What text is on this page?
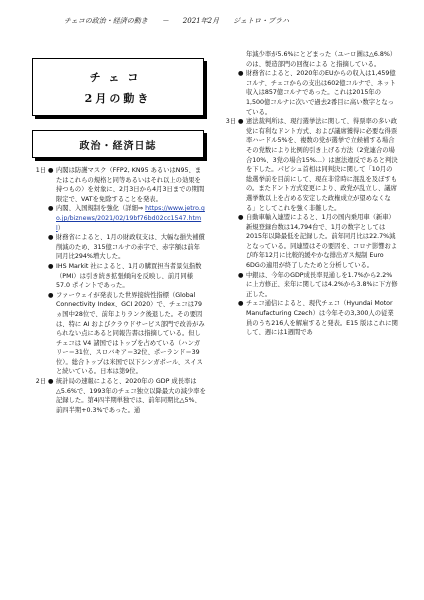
チェコの政治・経済の動き － 2021年2月 ジェトロ・プラハ
チェコ
2月の動き
政治・経済日誌
1日 ● 内閣は防護マスク（FFP2, KN95 あるいはN95、またはこれらの規格と同等あるいはそれ以上の効果を持つもの）を対象に、2月3日から4月3日までの期間限定で、VATを免除することを発表。
● 内閣、入国規制を強化（詳細⇒ https://www.jetro.go.jp/biznews/2021/02/19bf76bd02cc1547.html）
● 財務省によると、1月の財政収支は、大幅な損失補償削減のため、315億コルナの赤字で、赤字額は前年同月比294%増大した。
● IHS Markit 社によると、1月の購買担当者景気指数（PMI）は引き続き拡張傾向を反映し、前月同様 57.0 ポイントであった。
● ファーウェイが発表した世界接続性指標（Global Connectivity Index、GCI 2020）で、チェコは79ヵ国中28位で、前年よりランク後退した。その要因は、特に AI およびクラウドサービス部門で改善がみられない点にあると同報告書は指摘している。但しチェコは V4 諸国ではトップを占めている（ハンガリー＝31位、スロバキア＝32位、ポーランド＝39位）。総合トップは米国で以下シンガポール、スイスと続いている。日本は第9位。
2日 ● 統計局の速報によると、2020年の GDP 成長率は△5.6%で、1993年のチェコ独立以降最大の減少率を記録した。第4四半期単独では、前年同期比△5%、前四半期+0.3%であった。通
年減少率が5.6%にとどまった（ユーロ圏は△6.8%）のは、製造部門の回復による と指摘している。
● 財務省によると、2020年のEUからの収入は1,459億コルナ、チェコからの支出は602億コルナで、ネット収入は857億コルナであった。これは2015年の1,500億コルナに次いで過去2番目に高い数字となっている。
3日 ● 憲法裁判所は、現行選挙法に関して、得票率の多い政党に有利なドント方式、および議席獲得に必要な得票率ハードル5%を、複数の党が選挙で立候補する場合その党数により比例的引き上げる方法（2党連合の場合10%、3党の場合15%…）は憲法違反であると判決を下した。パビシュ首相は同判決に関して「10月の総選挙前を目前にして、現在非常時に混乱を及ぼすもの。またドント方式変更により、政党が乱立し、議席選挙数以上を占める安定した政権成立が望めなくなる」としてこれを強く非難した。
● 自動車輸入連盟によると、1月の国内乗用車（新車）新規登録台数は14,794台で、1月の数字としては2015年以降最低を記録した。前年同月比は22.7%減となっている。同連盟はその要因を、コロナ影響および昨年12月に比較的緩やかな排出ガス規制 Euro 6DGの適用が終了したためと分析している。
● 中銀は、今年のGDP成長率見通しを1.7%から2.2%に上方修正、来年に関しては4.2%から3.8%に下方修正した。
● チェコ通信によると、現代チェコ（Hyundai Motor Manufacturing Czech）は今年その3,300人の従業員のうち216人を解雇すると発表。E15 版はこれに関して、週には1週間であ
